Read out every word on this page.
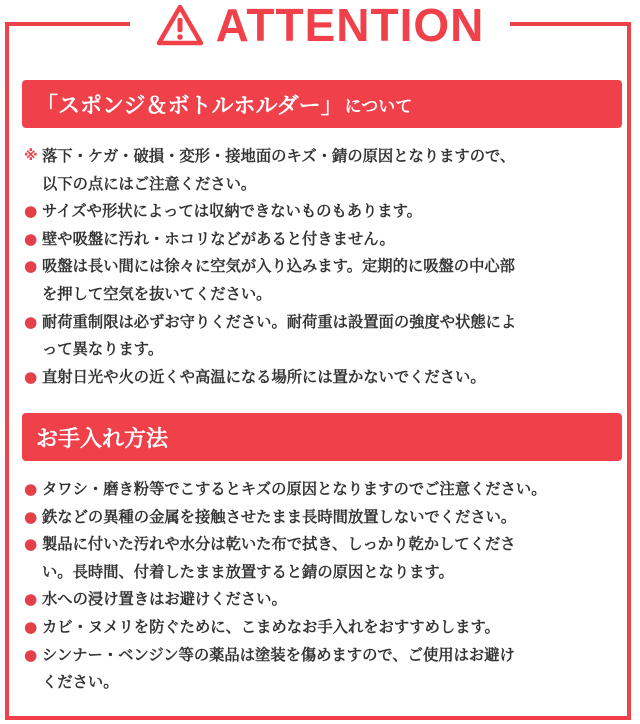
ATTENTION
「スポンジ＆ボトルホルダー」 について
※ 落下・ケガ・破損・変形・接地面のキズ・錆の原因となりますので、
以下の点にはご注意ください。
● サイズや形状によっては収納できないものもあります。
● 壁や吸盤に汚れ・ホコリなどがあると付きません。
● 吸盤は長い間には徐々に空気が入り込みます。定期的に吸盤の中心部
を押して空気を抜いてください。
● 耐荷重制限は必ずお守りください。耐荷重は設置面の強度や状態によ
って異なります。
● 直射日光や火の近くや高温になる場所には置かないでください。
お手入れ方法
● タワシ・磨き粉等でこするとキズの原因となりますのでご注意ください。
● 鉄などの異種の金属を接触させたまま長時間放置しないでください。
● 製品に付いた汚れや水分は乾いた布で拭き、しっかり乾かしてくださ
い。長時間、付着したまま放置すると錆の原因となります。
● 水への浸け置きはお避けください。
● カビ・ヌメリを防ぐために、こまめなお手入れをおすすめします。
● シンナー・ベンジン等の薬品は塗装を傷めますので、ご使用はお避け
ください。
